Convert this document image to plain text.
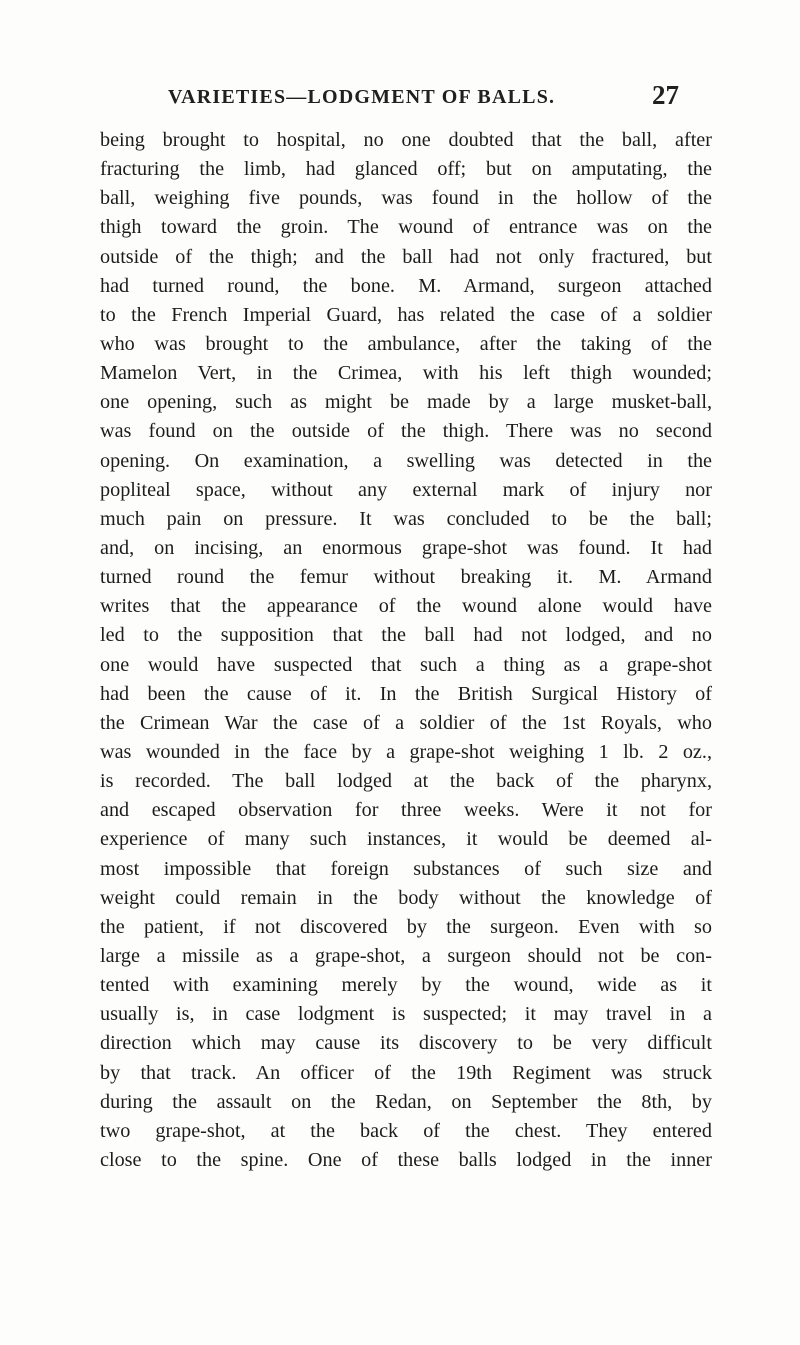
VARIETIES—LODGMENT OF BALLS.	27
being brought to hospital, no one doubted that the ball, after
fracturing the limb, had glanced off; but on amputating, the
ball, weighing five pounds, was found in the hollow of the
thigh toward the groin. The wound of entrance was on the
outside of the thigh; and the ball had not only fractured, but
had turned round, the bone. M. Armand, surgeon attached
to the French Imperial Guard, has related the case of a soldier
who was brought to the ambulance, after the taking of the
Mamelon Vert, in the Crimea, with his left thigh wounded;
one opening, such as might be made by a large musket-ball,
was found on the outside of the thigh. There was no second
opening. On examination, a swelling was detected in the
popliteal space, without any external mark of injury nor
much pain on pressure. It was concluded to be the ball;
and, on incising, an enormous grape-shot was found. It had
turned round the femur without breaking it. M. Armand
writes that the appearance of the wound alone would have
led to the supposition that the ball had not lodged, and no
one would have suspected that such a thing as a grape-shot
had been the cause of it. In the British Surgical History of
the Crimean War the case of a soldier of the 1st Royals, who
was wounded in the face by a grape-shot weighing 1 lb. 2 oz.,
is recorded. The ball lodged at the back of the pharynx,
and escaped observation for three weeks. Were it not for
experience of many such instances, it would be deemed al-
most impossible that foreign substances of such size and
weight could remain in the body without the knowledge of
the patient, if not discovered by the surgeon. Even with so
large a missile as a grape-shot, a surgeon should not be con-
tented with examining merely by the wound, wide as it
usually is, in case lodgment is suspected; it may travel in a
direction which may cause its discovery to be very difficult
by that track. An officer of the 19th Regiment was struck
during the assault on the Redan, on September the 8th, by
two grape-shot, at the back of the chest. They entered
close to the spine. One of these balls lodged in the inner
